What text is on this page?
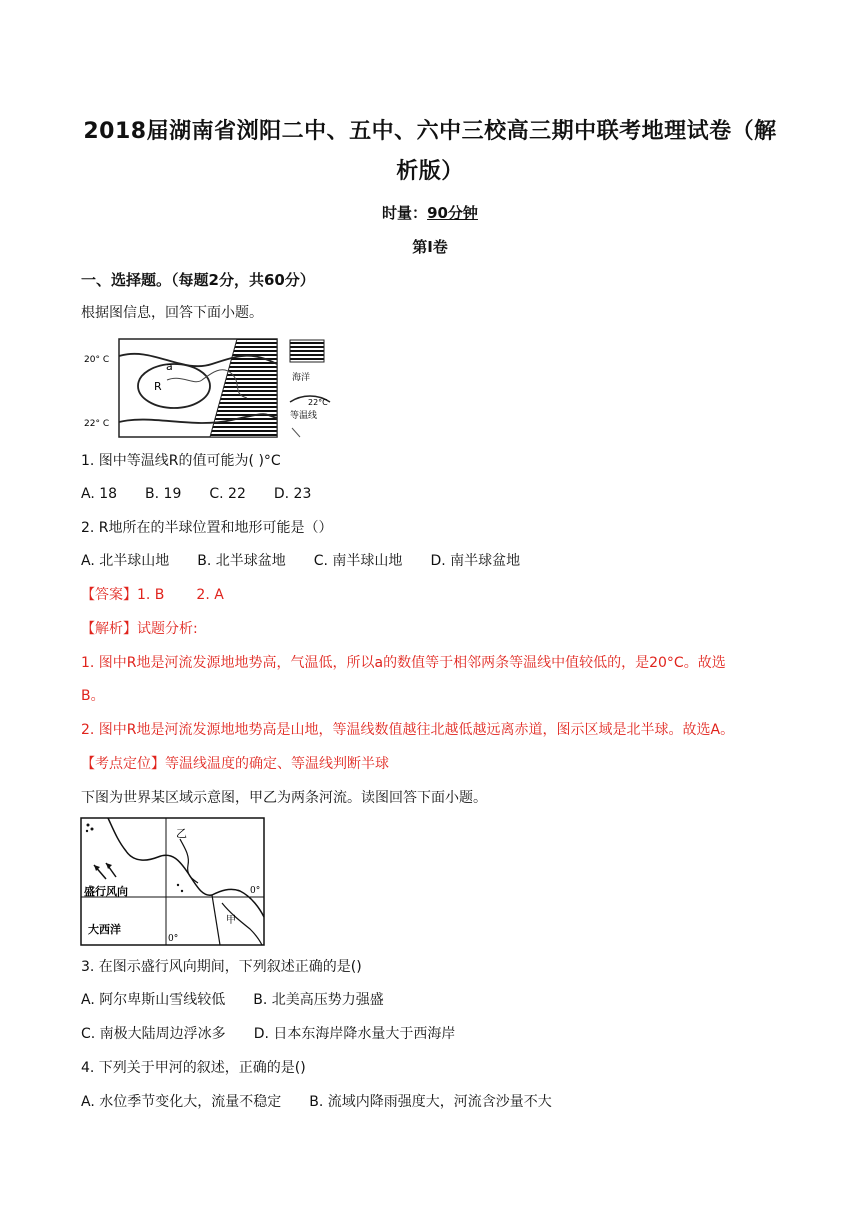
2018届湖南省浏阳二中、五中、六中三校高三期中联考地理试卷（解
析版）
时量：90分钟
第Ⅰ卷
一、选择题。（每题2分，共60分）
根据图信息，回答下面小题。
20° C
22° C
a
R
海洋
22°C
等温线
1. 图中等温线R的值可能为( )°C
A. 18 B. 19 C. 22 D. 23
2. R地所在的半球位置和地形可能是（）
A. 北半球山地 B. 北半球盆地 C. 南半球山地 D. 南半球盆地
【答案】1. B 2. A
【解析】试题分析:
1. 图中R地是河流发源地地势高，气温低，所以a的数值等于相邻两条等温线中值较低的，是20°C。故选
B。
2. 图中R地是河流发源地地势高是山地，等温线数值越往北越低越远离赤道，图示区域是北半球。故选A。
【考点定位】等温线温度的确定、等温线判断半球
下图为世界某区域示意图，甲乙为两条河流。读图回答下面小题。
乙
盛行风向
大西洋
甲
0°
0°
3. 在图示盛行风向期间，下列叙述正确的是()
A. 阿尔卑斯山雪线较低 B. 北美高压势力强盛
C. 南极大陆周边浮冰多 D. 日本东海岸降水量大于西海岸
4. 下列关于甲河的叙述，正确的是()
A. 水位季节变化大，流量不稳定 B. 流域内降雨强度大，河流含沙量不大
